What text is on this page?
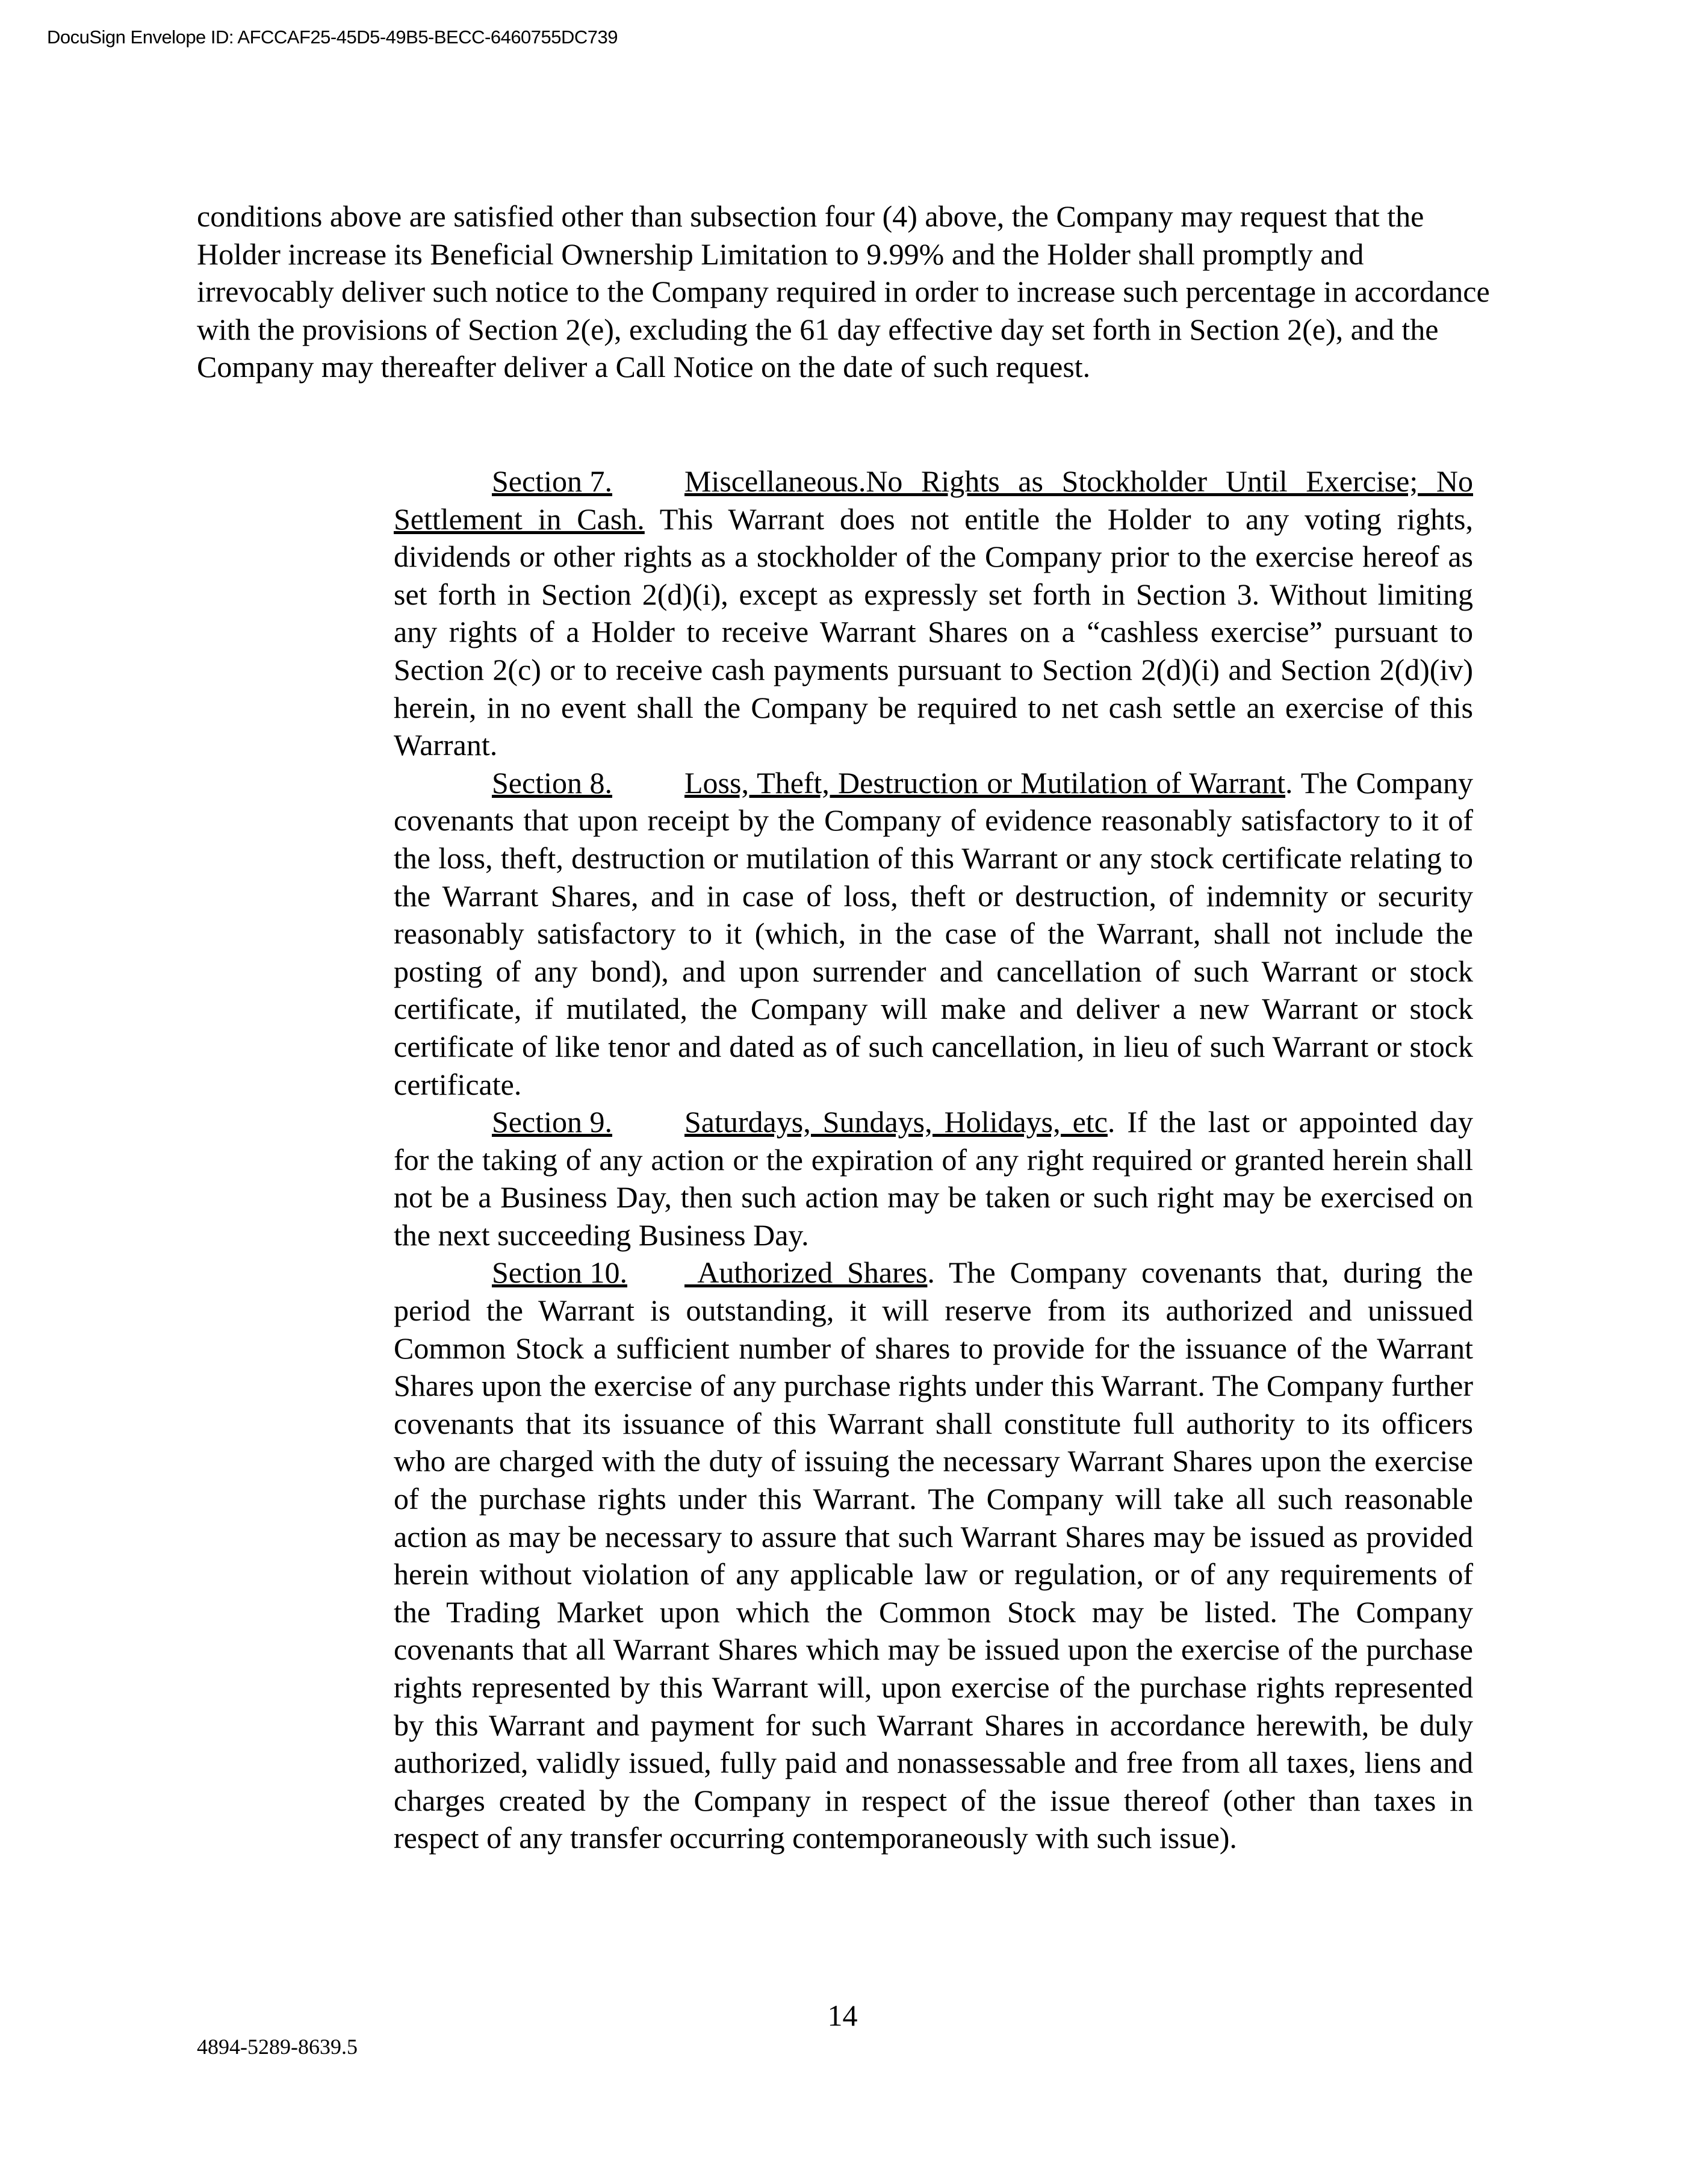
DocuSign Envelope ID: AFCCAF25-45D5-49B5-BECC-6460755DC739
conditions above are satisfied other than subsection four (4) above, the Company may request that the Holder increase its Beneficial Ownership Limitation to 9.99% and the Holder shall promptly and irrevocably deliver such notice to the Company required in order to increase such percentage in accordance with the provisions of Section 2(e), excluding the 61 day effective day set forth in Section 2(e), and the Company may thereafter deliver a Call Notice on the date of such request.

Section 7. Miscellaneous.No Rights as Stockholder Until Exercise; No Settlement in Cash. This Warrant does not entitle the Holder to any voting rights, dividends or other rights as a stockholder of the Company prior to the exercise hereof as set forth in Section 2(d)(i), except as expressly set forth in Section 3. Without limiting any rights of a Holder to receive Warrant Shares on a “cashless exercise” pursuant to Section 2(c) or to receive cash payments pursuant to Section 2(d)(i) and Section 2(d)(iv) herein, in no event shall the Company be required to net cash settle an exercise of this Warrant.

Section 8. Loss, Theft, Destruction or Mutilation of Warrant. The Company covenants that upon receipt by the Company of evidence reasonably satisfactory to it of the loss, theft, destruction or mutilation of this Warrant or any stock certificate relating to the Warrant Shares, and in case of loss, theft or destruction, of indemnity or security reasonably satisfactory to it (which, in the case of the Warrant, shall not include the posting of any bond), and upon surrender and cancellation of such Warrant or stock certificate, if mutilated, the Company will make and deliver a new Warrant or stock certificate of like tenor and dated as of such cancellation, in lieu of such Warrant or stock certificate.

Section 9. Saturdays, Sundays, Holidays, etc. If the last or appointed day for the taking of any action or the expiration of any right required or granted herein shall not be a Business Day, then such action may be taken or such right may be exercised on the next succeeding Business Day.

Section 10. Authorized Shares. The Company covenants that, during the period the Warrant is outstanding, it will reserve from its authorized and unissued Common Stock a sufficient number of shares to provide for the issuance of the Warrant Shares upon the exercise of any purchase rights under this Warrant. The Company further covenants that its issuance of this Warrant shall constitute full authority to its officers who are charged with the duty of issuing the necessary Warrant Shares upon the exercise of the purchase rights under this Warrant. The Company will take all such reasonable action as may be necessary to assure that such Warrant Shares may be issued as provided herein without violation of any applicable law or regulation, or of any requirements of the Trading Market upon which the Common Stock may be listed. The Company covenants that all Warrant Shares which may be issued upon the exercise of the purchase rights represented by this Warrant will, upon exercise of the purchase rights represented by this Warrant and payment for such Warrant Shares in accordance herewith, be duly authorized, validly issued, fully paid and nonassessable and free from all taxes, liens and charges created by the Company in respect of the issue thereof (other than taxes in respect of any transfer occurring contemporaneously with such issue).

14
4894-5289-8639.5
